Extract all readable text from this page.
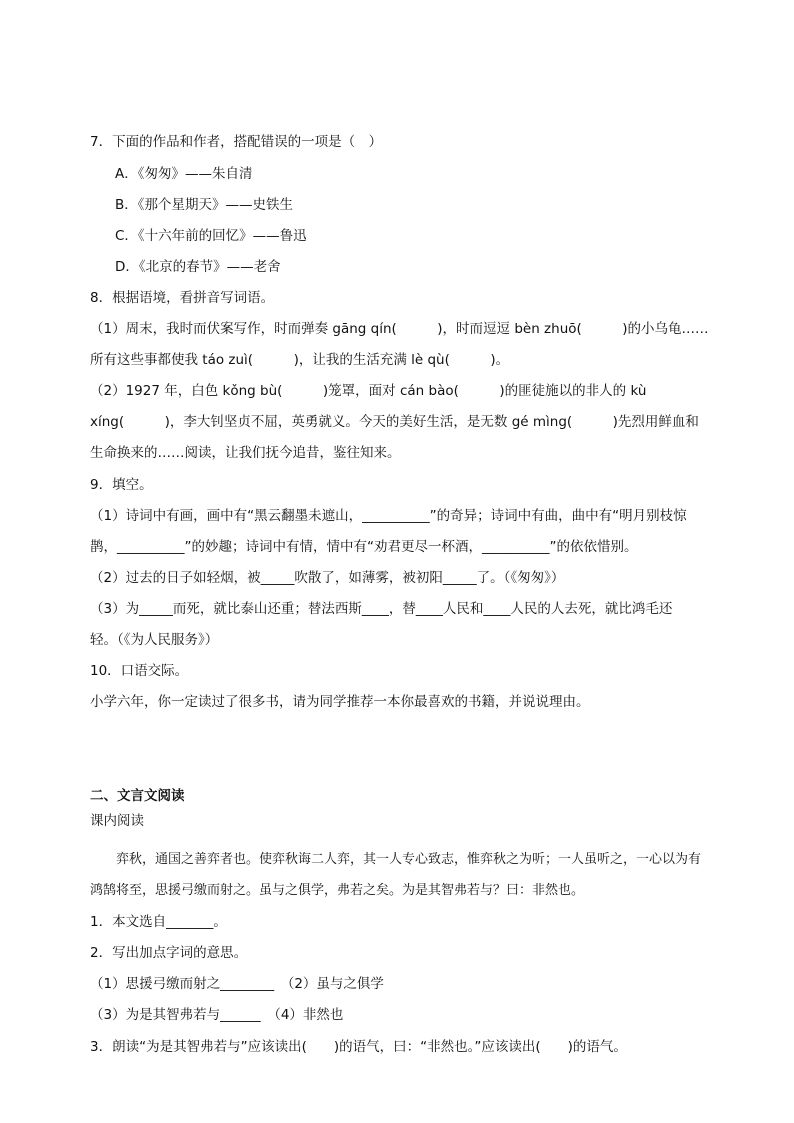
7．下面的作品和作者，搭配错误的一项是（　）
A．《匆匆》——朱自清
B．《那个星期天》——史铁生
C．《十六年前的回忆》——鲁迅
D．《北京的春节》——老舍
8．根据语境，看拼音写词语。
（1）周末，我时而伏案写作，时而弹奏 gāng qín(　　　)，时而逗逗 bèn zhuō(　　　)的小乌龟……
所有这些事都使我 táo zuì(　　　)，让我的生活充满 lè qù(　　　)。
（2）1927 年，白色 kǒng bù(　　　)笼罩，面对 cán bào(　　　)的匪徒施以的非人的 kù
xíng(　　　)，李大钊坚贞不屈，英勇就义。今天的美好生活，是无数 gé mìng(　　　)先烈用鲜血和
生命换来的……阅读，让我们抚今追昔，鉴往知来。
9．填空。
（1）诗词中有画，画中有“黑云翻墨未遮山，__________”的奇异；诗词中有曲，曲中有“明月别枝惊
鹊，__________”的妙趣；诗词中有情，情中有“劝君更尽一杯酒，__________”的依依惜别。
（2）过去的日子如轻烟，被_____吹散了，如薄雾，被初阳_____了。（《匆匆》）
（3）为_____而死，就比泰山还重；替法西斯____，替____人民和____人民的人去死，就比鸿毛还
轻。（《为人民服务》）
10．口语交际。
小学六年，你一定读过了很多书，请为同学推荐一本你最喜欢的书籍，并说说理由。
二、文言文阅读
课内阅读
弈秋，通国之善弈者也。使弈秋诲二人弈，其一人专心致志，惟弈秋之为听；一人虽听之，一心以为有鸿鹄将至，思援弓缴而射之。虽与之俱学，弗若之矣。为是其智弗若与？曰：非然也。
1．本文选自_______。
2．写出加点字词的意思。
（1）思援弓缴而射之________　（2）虽与之俱学
（3）为是其智弗若与______　（4）非然也
3．朗读“为是其智弗若与”应该读出(　　)的语气，曰：“非然也。”应该读出(　　)的语气。
